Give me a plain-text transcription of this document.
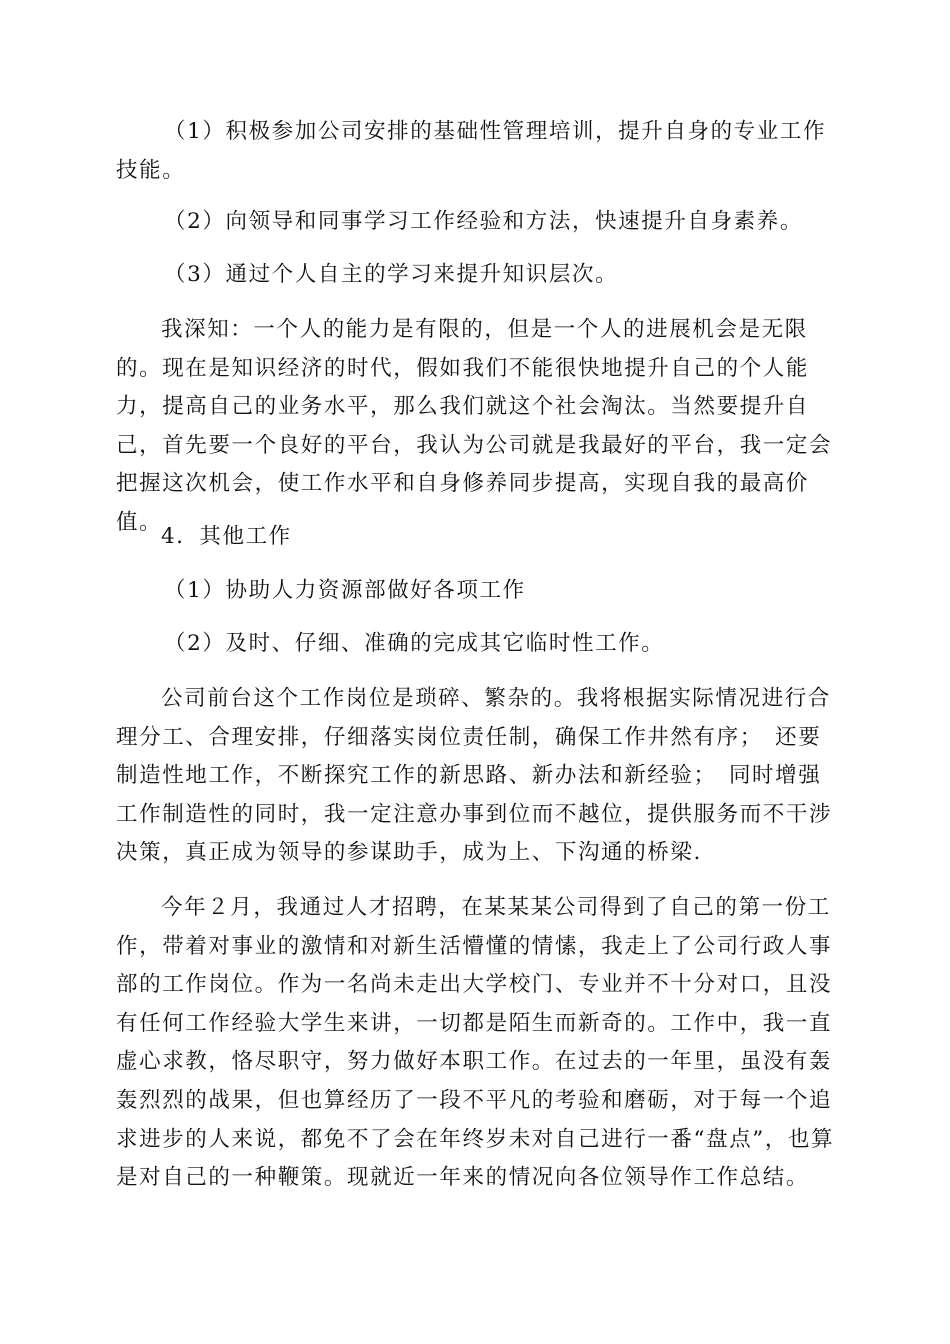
（1）积极参加公司安排的基础性管理培训，提升自身的专业工作技能。

（2）向领导和同事学习工作经验和方法，快速提升自身素养。

（3）通过个人自主的学习来提升知识层次。

我深知：一个人的能力是有限的，但是一个人的进展机会是无限的。现在是知识经济的时代，假如我们不能很快地提升自己的个人能力，提高自己的业务水平，那么我们就这个社会淘汰。当然要提升自己，首先要一个良好的平台，我认为公司就是我最好的平台，我一定会把握这次机会，使工作水平和自身修养同步提高，实现自我的最高价值。

4．其他工作

（1）协助人力资源部做好各项工作

（2）及时、仔细、准确的完成其它临时性工作。

公司前台这个工作岗位是琐碎、繁杂的。我将根据实际情况进行合理分工、合理安排，仔细落实岗位责任制，确保工作井然有序；　还要制造性地工作，不断探究工作的新思路、新办法和新经验；　同时增强工作制造性的同时，我一定注意办事到位而不越位，提供服务而不干涉决策，真正成为领导的参谋助手，成为上、下沟通的桥梁.

今年２月，我通过人才招聘，在某某某公司得到了自己的第一份工作，带着对事业的激情和对新生活懵懂的情愫，我走上了公司行政人事部的工作岗位。作为一名尚未走出大学校门、专业并不十分对口，且没有任何工作经验大学生来讲，一切都是陌生而新奇的。工作中，我一直虚心求教，恪尽职守，努力做好本职工作。在过去的一年里，虽没有轰轰烈烈的战果，但也算经历了一段不平凡的考验和磨砺，对于每一个追求进步的人来说，都免不了会在年终岁未对自己进行一番“盘点”，也算是对自己的一种鞭策。现就近一年来的情况向各位领导作工作总结。
